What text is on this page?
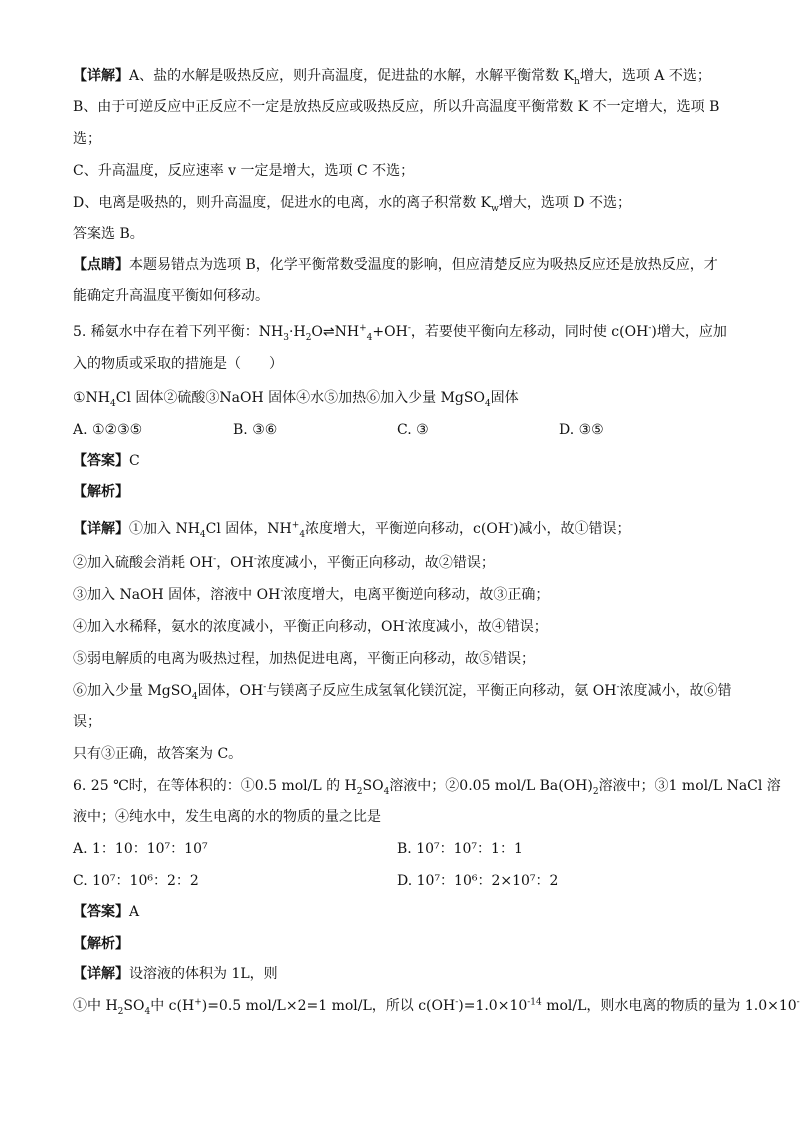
【详解】A、盐的水解是吸热反应，则升高温度，促进盐的水解，水解平衡常数 $K_h$增大，选项 A 不选；
B、由于可逆反应中正反应不一定是放热反应或吸热反应，所以升高温度平衡常数 K 不一定增大，选项 B
选；
C、升高温度，反应速率 v 一定是增大，选项 C 不选；
D、电离是吸热的，则升高温度，促进水的电离，水的离子积常数 $K_w$增大，选项 D 不选；
答案选 B。
【点睛】本题易错点为选项 B，化学平衡常数受温度的影响，但应清楚反应为吸热反应还是放热反应，才
能确定升高温度平衡如何移动。
5. 稀氨水中存在着下列平衡：$NH_3\cdot H_2O\rightleftharpoons NH^+_4+OH^-$，若要使平衡向左移动，同时使 c(OH-)增大，应加
入的物质或采取的措施是（　　）
$①NH_4Cl$ 固体②硫酸③NaOH 固体④水⑤加热⑥加入少量 MgSO$_4$固体
A. ①②③⑤	B. ③⑥	C. ③	D. ③⑤
【答案】C
【解析】
【详解】①加入 $NH_4Cl$ 固体，$NH^+_4$浓度增大，平衡逆向移动，c(OH-)减小，故①错误；
②加入硫酸会消耗 OH-，OH-浓度减小，平衡正向移动，故②错误；
③加入 NaOH 固体，溶液中 OH-浓度增大，电离平衡逆向移动，故③正确；
④加入水稀释，氨水的浓度减小，平衡正向移动，OH-浓度减小，故④错误；
⑤弱电解质的电离为吸热过程，加热促进电离，平衡正向移动，故⑤错误；
⑥加入少量 MgSO$_4$固体，OH-与镁离子反应生成氢氧化镁沉淀，平衡正向移动，氨 OH-浓度减小，故⑥错
误；
只有③正确，故答案为 C。
6. 25 ℃时，在等体积的：①0.5 mol/L 的 $H_2SO_4$溶液中；②0.05 mol/L $Ba(OH)_2$溶液中；③1 mol/L NaCl 溶
液中；④纯水中，发生电离的水的物质的量之比是
A. 1：10：10⁷：10⁷	B. 10⁷：10⁷：1：1
C. 10⁷：10⁶：2：2	D. 10⁷：10⁶：2×10⁷：2
【答案】A
【解析】
【详解】设溶液的体积为 1L，则
①中 $H_2SO_4$中 c(H+)=0.5 mol/L×2=1 mol/L，所以 $c(OH^-)=1.0\times 10^{-14}$ mol/L，则水电离的物质的量为 1.0×10-
